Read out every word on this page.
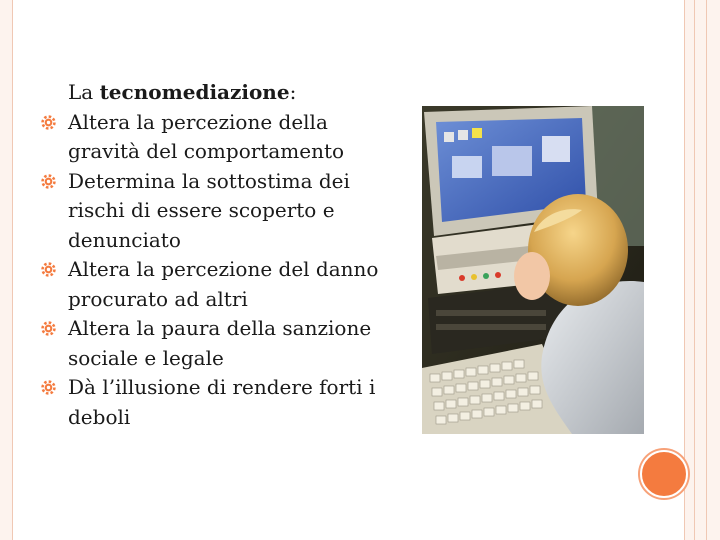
La tecnomediazione:

Altera la percezione della gravità del comportamento
Determina la sottostima dei rischi di essere scoperto e denunciato
Altera la percezione del danno procurato ad altri
Altera la paura della sanzione sociale e legale
Dà l’illusione di rendere forti i deboli
